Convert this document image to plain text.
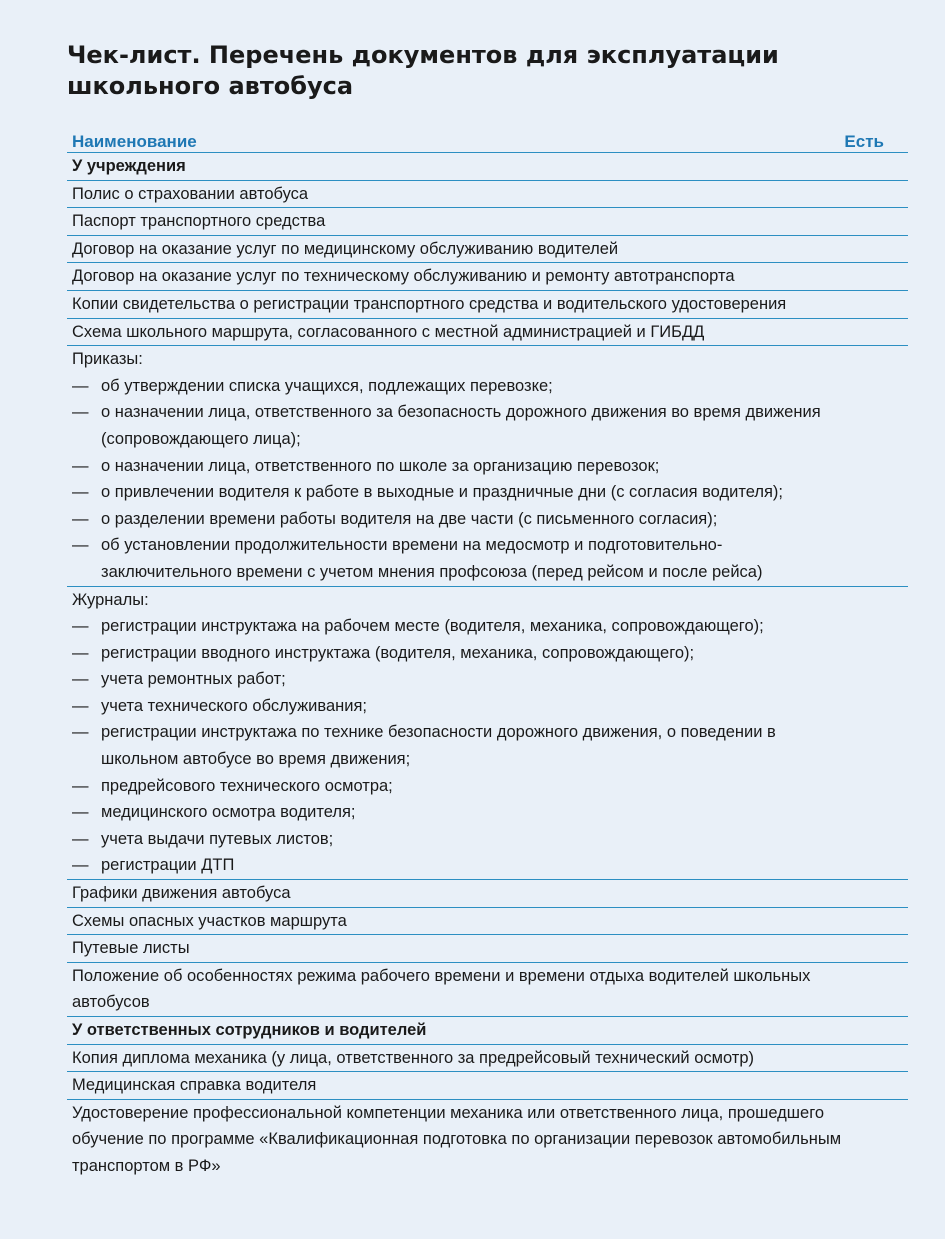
Чек-лист. Перечень документов для эксплуатации школьного автобуса
Наименование	Есть
У учреждения
Полис о страховании автобуса
Паспорт транспортного средства
Договор на оказание услуг по медицинскому обслуживанию водителей
Договор на оказание услуг по техническому обслуживанию и ремонту автотранспорта
Копии свидетельства о регистрации транспортного средства и водительского удостоверения
Схема школьного маршрута, согласованного с местной администрацией и ГИБДД
Приказы:
— об утверждении списка учащихся, подлежащих перевозке;
— о назначении лица, ответственного за безопасность дорожного движения во время движения (сопровождающего лица);
— о назначении лица, ответственного по школе за организацию перевозок;
— о привлечении водителя к работе в выходные и праздничные дни (с согласия водителя);
— о разделении времени работы водителя на две части (с письменного согласия);
— об установлении продолжительности времени на медосмотр и подготовительно-заключительного времени с учетом мнения профсоюза (перед рейсом и после рейса)
Журналы:
— регистрации инструктажа на рабочем месте (водителя, механика, сопровождающего);
— регистрации вводного инструктажа (водителя, механика, сопровождающего);
— учета ремонтных работ;
— учета технического обслуживания;
— регистрации инструктажа по технике безопасности дорожного движения, о поведении в школьном автобусе во время движения;
— предрейсового технического осмотра;
— медицинского осмотра водителя;
— учета выдачи путевых листов;
— регистрации ДТП
Графики движения автобуса
Схемы опасных участков маршрута
Путевые листы
Положение об особенностях режима рабочего времени и времени отдыха водителей школьных автобусов
У ответственных сотрудников и водителей
Копия диплома механика (у лица, ответственного за предрейсовый технический осмотр)
Медицинская справка водителя
Удостоверение профессиональной компетенции механика или ответственного лица, прошедшего обучение по программе «Квалификационная подготовка по организации перевозок автомобильным транспортом в РФ»
